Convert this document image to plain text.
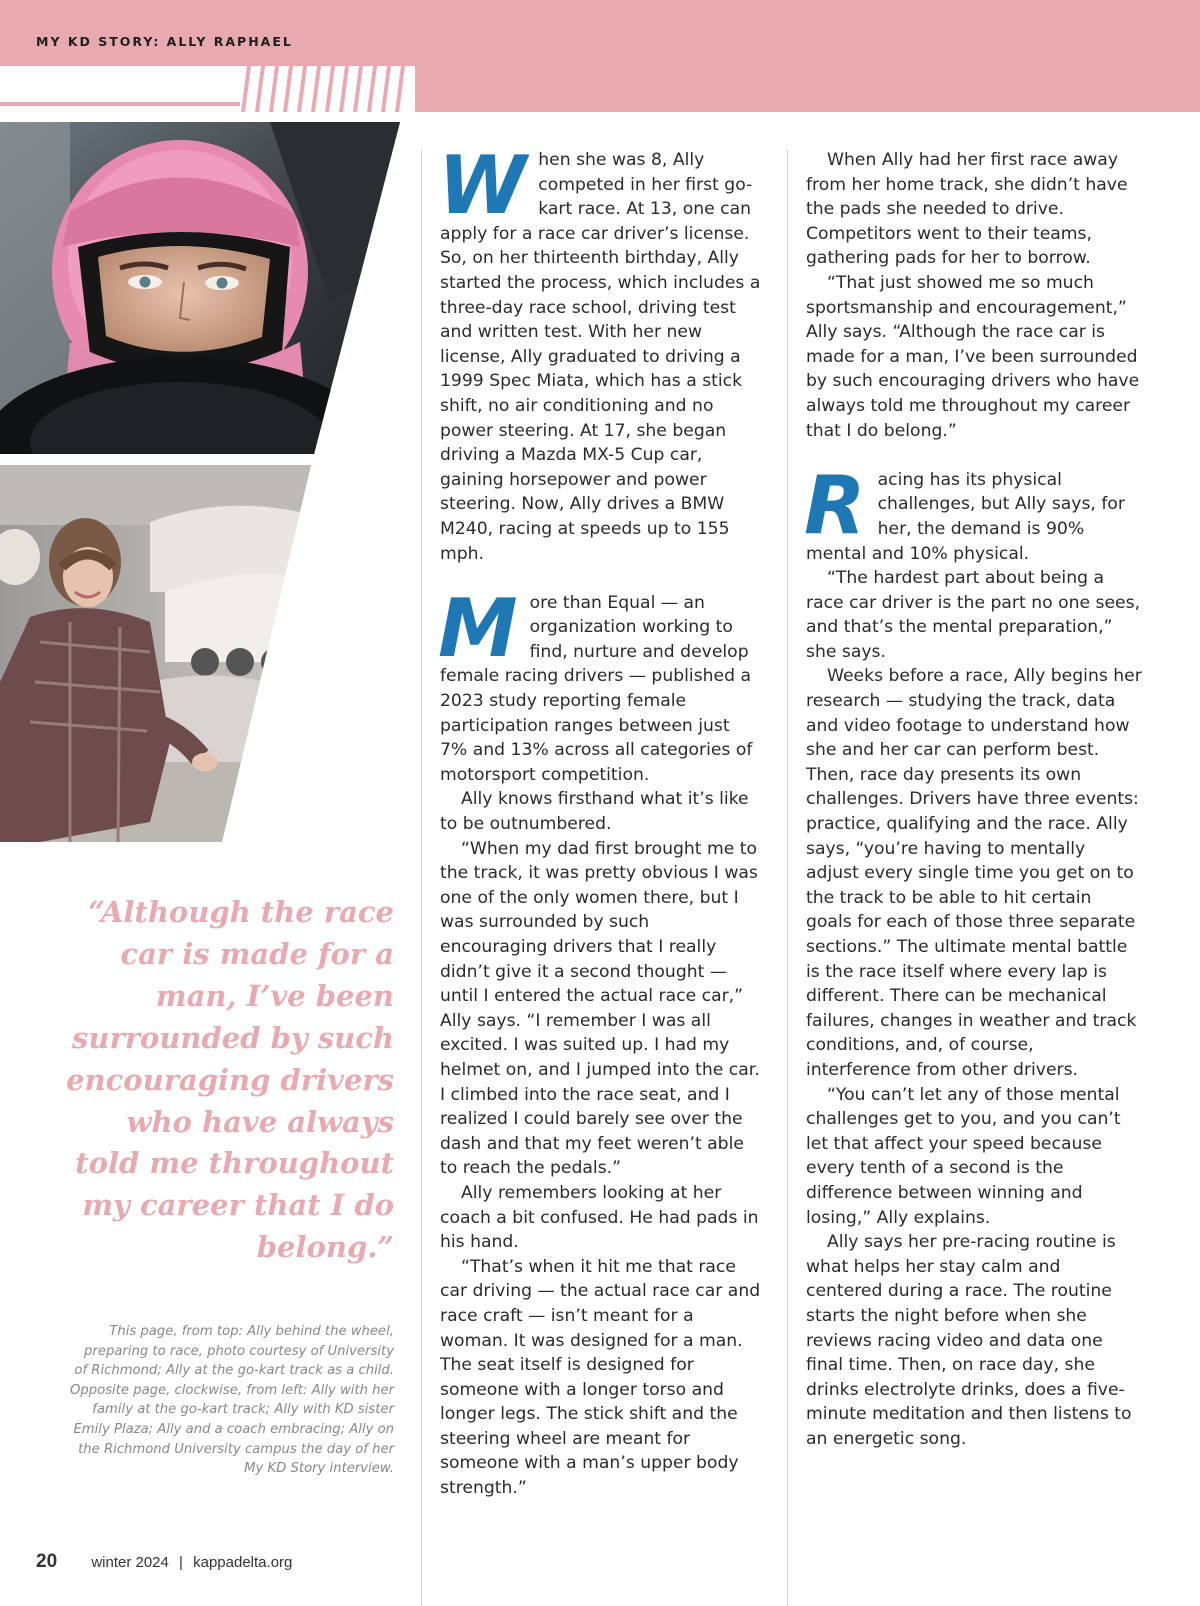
MY KD STORY: ALLY RAPHAEL
“Although the race car is made for a man, I’ve been surrounded by such encouraging drivers who have always told me throughout my career that I do belong.”
This page, from top: Ally behind the wheel, preparing to race, photo courtesy of University of Richmond; Ally at the go-kart track as a child. Opposite page, clockwise, from left: Ally with her family at the go-kart track; Ally with KD sister Emily Plaza; Ally and a coach embracing; Ally on the Richmond University campus the day of her My KD Story interview.

When she was 8, Ally competed in her first go-kart race. At 13, one can apply for a race car driver’s license. So, on her thirteenth birthday, Ally started the process, which includes a three-day race school, driving test and written test. With her new license, Ally graduated to driving a 1999 Spec Miata, which has a stick shift, no air conditioning and no power steering. At 17, she began driving a Mazda MX-5 Cup car, gaining horsepower and power steering. Now, Ally drives a BMW M240, racing at speeds up to 155 mph.

More than Equal — an organization working to find, nurture and develop female racing drivers — published a 2023 study reporting female participation ranges between just 7% and 13% across all categories of motorsport competition.

Ally knows firsthand what it’s like to be outnumbered.

“When my dad first brought me to the track, it was pretty obvious I was one of the only women there, but I was surrounded by such encouraging drivers that I really didn’t give it a second thought — until I entered the actual race car,” Ally says. “I remember I was all excited. I was suited up. I had my helmet on, and I jumped into the car. I climbed into the race seat, and I realized I could barely see over the dash and that my feet weren’t able to reach the pedals.”

Ally remembers looking at her coach a bit confused. He had pads in his hand.

“That’s when it hit me that race car driving — the actual race car and race craft — isn’t meant for a woman. It was designed for a man. The seat itself is designed for someone with a longer torso and longer legs. The stick shift and the steering wheel are meant for someone with a man’s upper body strength.”

When Ally had her first race away from her home track, she didn’t have the pads she needed to drive. Competitors went to their teams, gathering pads for her to borrow.

“That just showed me so much sportsmanship and encouragement,” Ally says. “Although the race car is made for a man, I’ve been surrounded by such encouraging drivers who have always told me throughout my career that I do belong.”

Racing has its physical challenges, but Ally says, for her, the demand is 90% mental and 10% physical.

“The hardest part about being a race car driver is the part no one sees, and that’s the mental preparation,” she says.

Weeks before a race, Ally begins her research — studying the track, data and video footage to understand how she and her car can perform best. Then, race day presents its own challenges. Drivers have three events: practice, qualifying and the race. Ally says, “you’re having to mentally adjust every single time you get on to the track to be able to hit certain goals for each of those three separate sections.” The ultimate mental battle is the race itself where every lap is different. There can be mechanical failures, changes in weather and track conditions, and, of course, interference from other drivers.

“You can’t let any of those mental challenges get to you, and you can’t let that affect your speed because every tenth of a second is the difference between winning and losing,” Ally explains.

Ally says her pre-racing routine is what helps her stay calm and centered during a race. The routine starts the night before when she reviews racing video and data one final time. Then, on race day, she drinks electrolyte drinks, does a five-minute meditation and then listens to an energetic song.

20 winter 2024 | kappadelta.org
